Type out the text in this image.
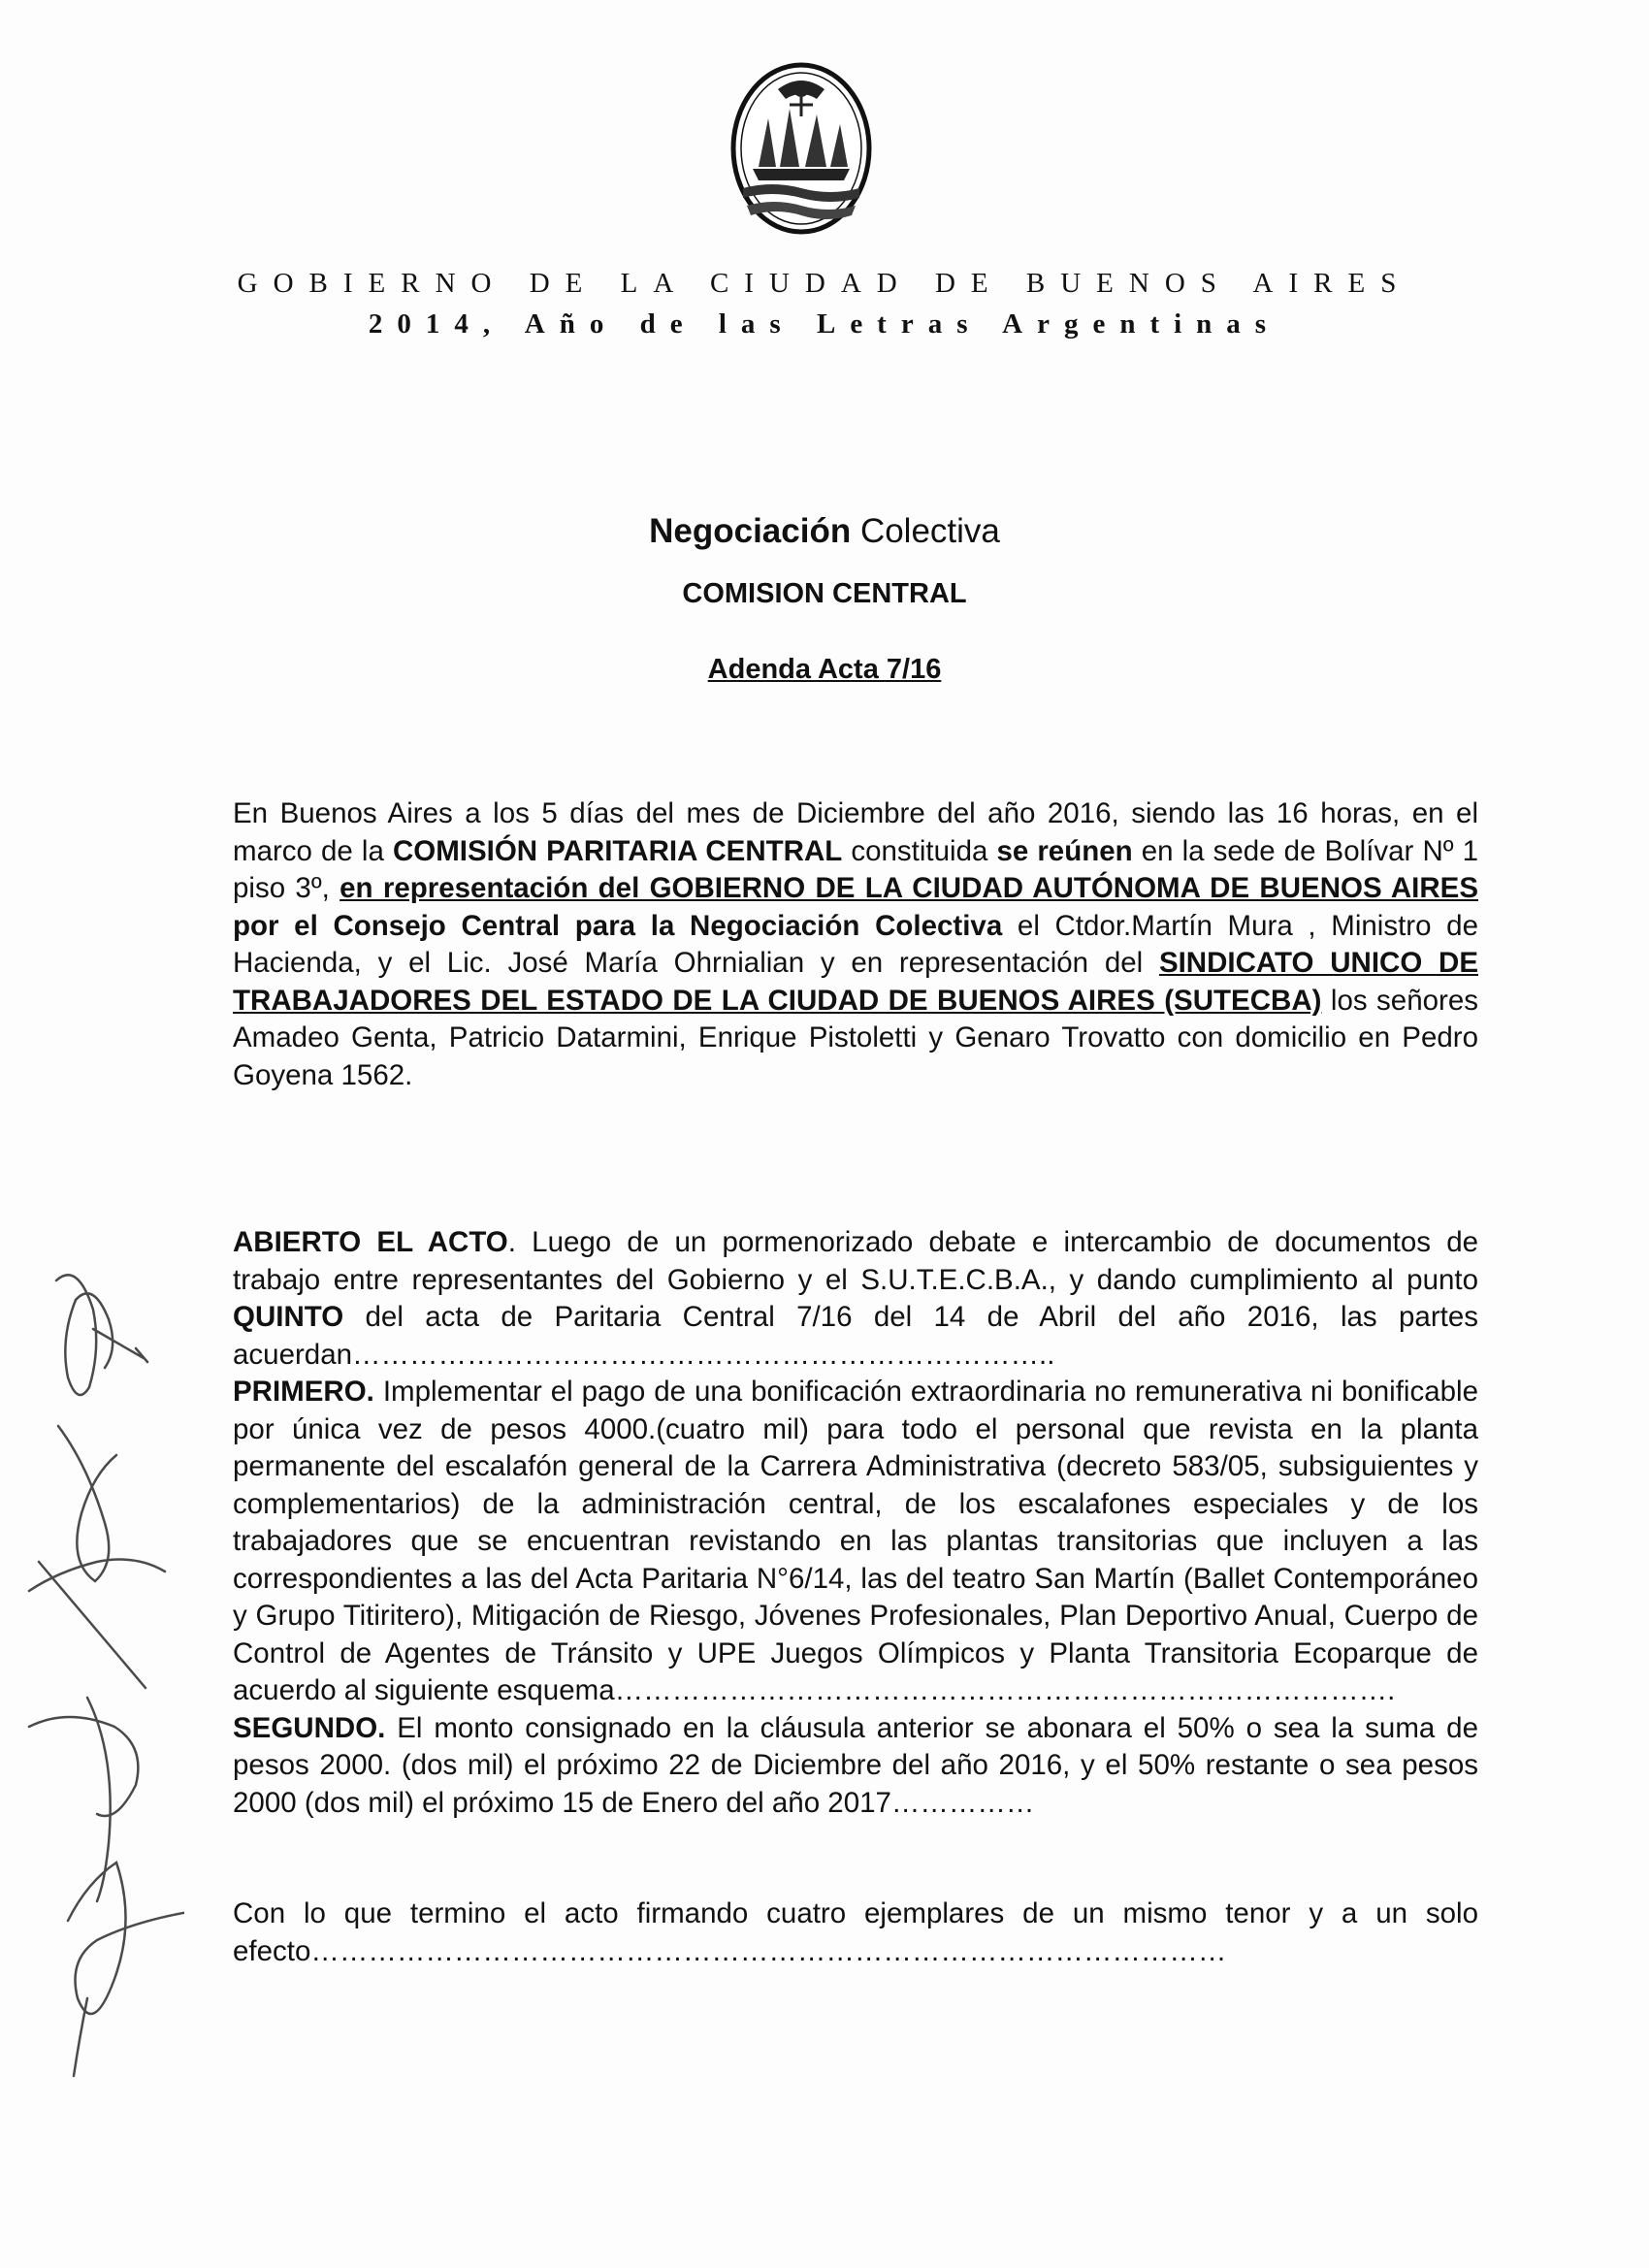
GOBIERNO DE LA CIUDAD DE BUENOS AIRES
2014, Año de las Letras Argentinas
Negociación Colectiva
COMISION CENTRAL
Adenda Acta 7/16

En Buenos Aires a los 5 días del mes de Diciembre del año 2016, siendo las 16 horas, en el marco de la COMISIÓN PARITARIA CENTRAL constituida se reúnen en la sede de Bolívar Nº 1 piso 3º, en representación del GOBIERNO DE LA CIUDAD AUTÓNOMA DE BUENOS AIRES por el Consejo Central para la Negociación Colectiva el Ctdor.Martín Mura , Ministro de Hacienda, y el Lic. José María Ohrnialian y en representación del SINDICATO UNICO DE TRABAJADORES DEL ESTADO DE LA CIUDAD DE BUENOS AIRES (SUTECBA) los señores Amadeo Genta, Patricio Datarmini, Enrique Pistoletti y Genaro Trovatto con domicilio en Pedro Goyena 1562.

ABIERTO EL ACTO. Luego de un pormenorizado debate e intercambio de documentos de trabajo entre representantes del Gobierno y el S.U.T.E.C.B.A., y dando cumplimiento al punto QUINTO del acta de Paritaria Central 7/16 del 14 de Abril del año 2016, las partes acuerdan………………………………………………………………..

PRIMERO. Implementar el pago de una bonificación extraordinaria no remunerativa ni bonificable por única vez de pesos 4000.(cuatro mil) para todo el personal que revista en la planta permanente del escalafón general de la Carrera Administrativa (decreto 583/05, subsiguientes y complementarios) de la administración central, de los escalafones especiales y de los trabajadores que se encuentran revistando en las plantas transitorias que incluyen a las correspondientes a las del Acta Paritaria N°6/14, las del teatro San Martín (Ballet Contemporáneo y Grupo Titiritero), Mitigación de Riesgo, Jóvenes Profesionales, Plan Deportivo Anual, Cuerpo de Control de Agentes de Tránsito y UPE Juegos Olímpicos y Planta Transitoria Ecoparque de acuerdo al siguiente esquema……………………………………………………………………….

SEGUNDO. El monto consignado en la cláusula anterior se abonara el 50% o sea la suma de pesos 2000. (dos mil) el próximo 22 de Diciembre del año 2016, y el 50% restante o sea pesos 2000 (dos mil) el próximo 15 de Enero del año 2017……………

Con lo que termino el acto firmando cuatro ejemplares de un mismo tenor y a un solo efecto……………………………………………………………………………………
